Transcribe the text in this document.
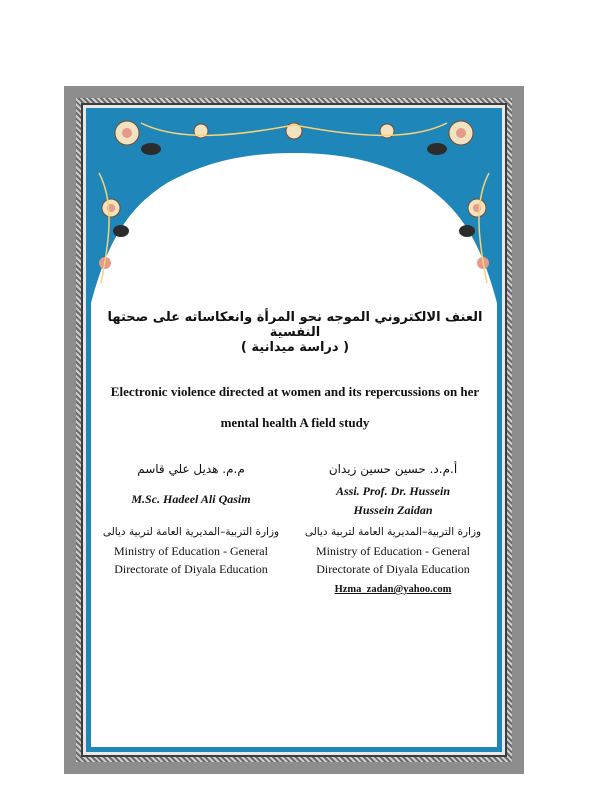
العنف الالكتروني الموجه نحو المرأة وانعكاساته على صحتها النفسية
( دراسة ميدانية )
Electronic violence directed at women and its repercussions on her
mental health A field study
أ.م.د. حسين حسين زيدان
Assi. Prof. Dr. Hussein
Hussein Zaidan
وزارة التربية–المديرية العامة لتربية ديالى
Ministry of Education - General
Directorate of Diyala Education
Hzma_zadan@yahoo.com
م.م. هديل علي قاسم
M.Sc. Hadeel Ali Qasim
وزارة التربية–المديرية العامة لتربية ديالى
Ministry of Education - General
Directorate of Diyala Education
